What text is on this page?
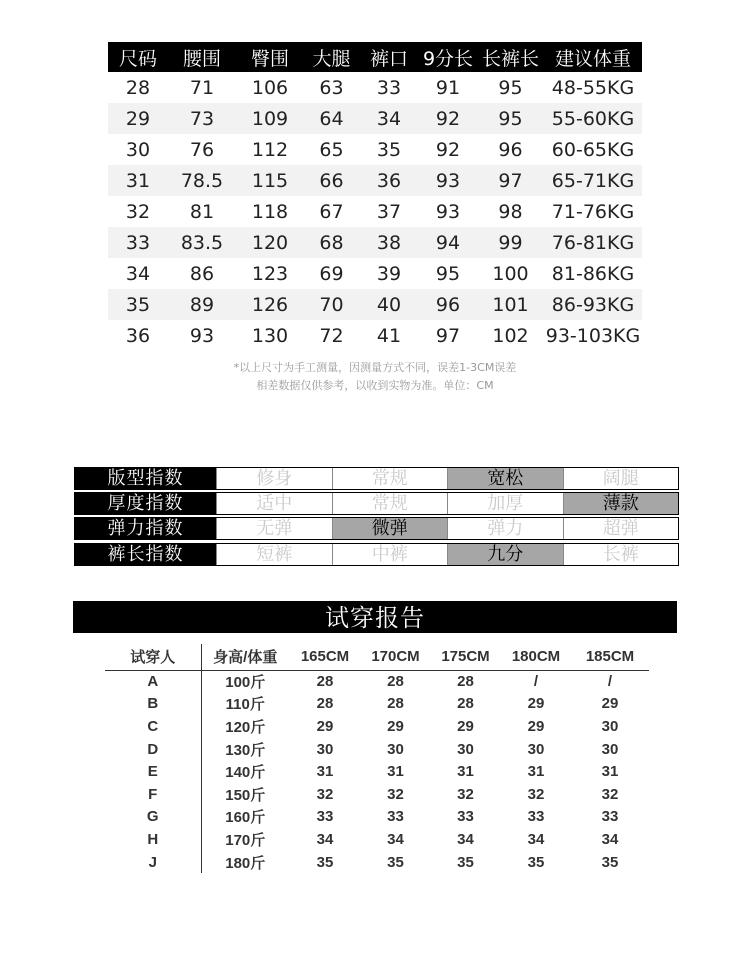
尺码	腰围	臀围	大腿	裤口	9分长	长裤长	建议体重
28	71	106	63	33	91	95	48-55KG
29	73	109	64	34	92	95	55-60KG
30	76	112	65	35	92	96	60-65KG
31	78.5	115	66	36	93	97	65-71KG
32	81	118	67	37	93	98	71-76KG
33	83.5	120	68	38	94	99	76-81KG
34	86	123	69	39	95	100	81-86KG
35	89	126	70	40	96	101	86-93KG
36	93	130	72	41	97	102	93-103KG
*以上尺寸为手工测量，因测量方式不同，误差1-3CM误差
相差数据仅供参考，以收到实物为准。单位：CM
版型指数	修身	常规	宽松	阔腿
厚度指数	适中	常规	加厚	薄款
弹力指数	无弹	微弹	弹力	超弹
裤长指数	短裤	中裤	九分	长裤
试穿报告
试穿人	身高/体重	165CM	170CM	175CM	180CM	185CM
A	100斤	28	28	28	/	/
B	110斤	28	28	28	29	29
C	120斤	29	29	29	29	30
D	130斤	30	30	30	30	30
E	140斤	31	31	31	31	31
F	150斤	32	32	32	32	32
G	160斤	33	33	33	33	33
H	170斤	34	34	34	34	34
J	180斤	35	35	35	35	35
